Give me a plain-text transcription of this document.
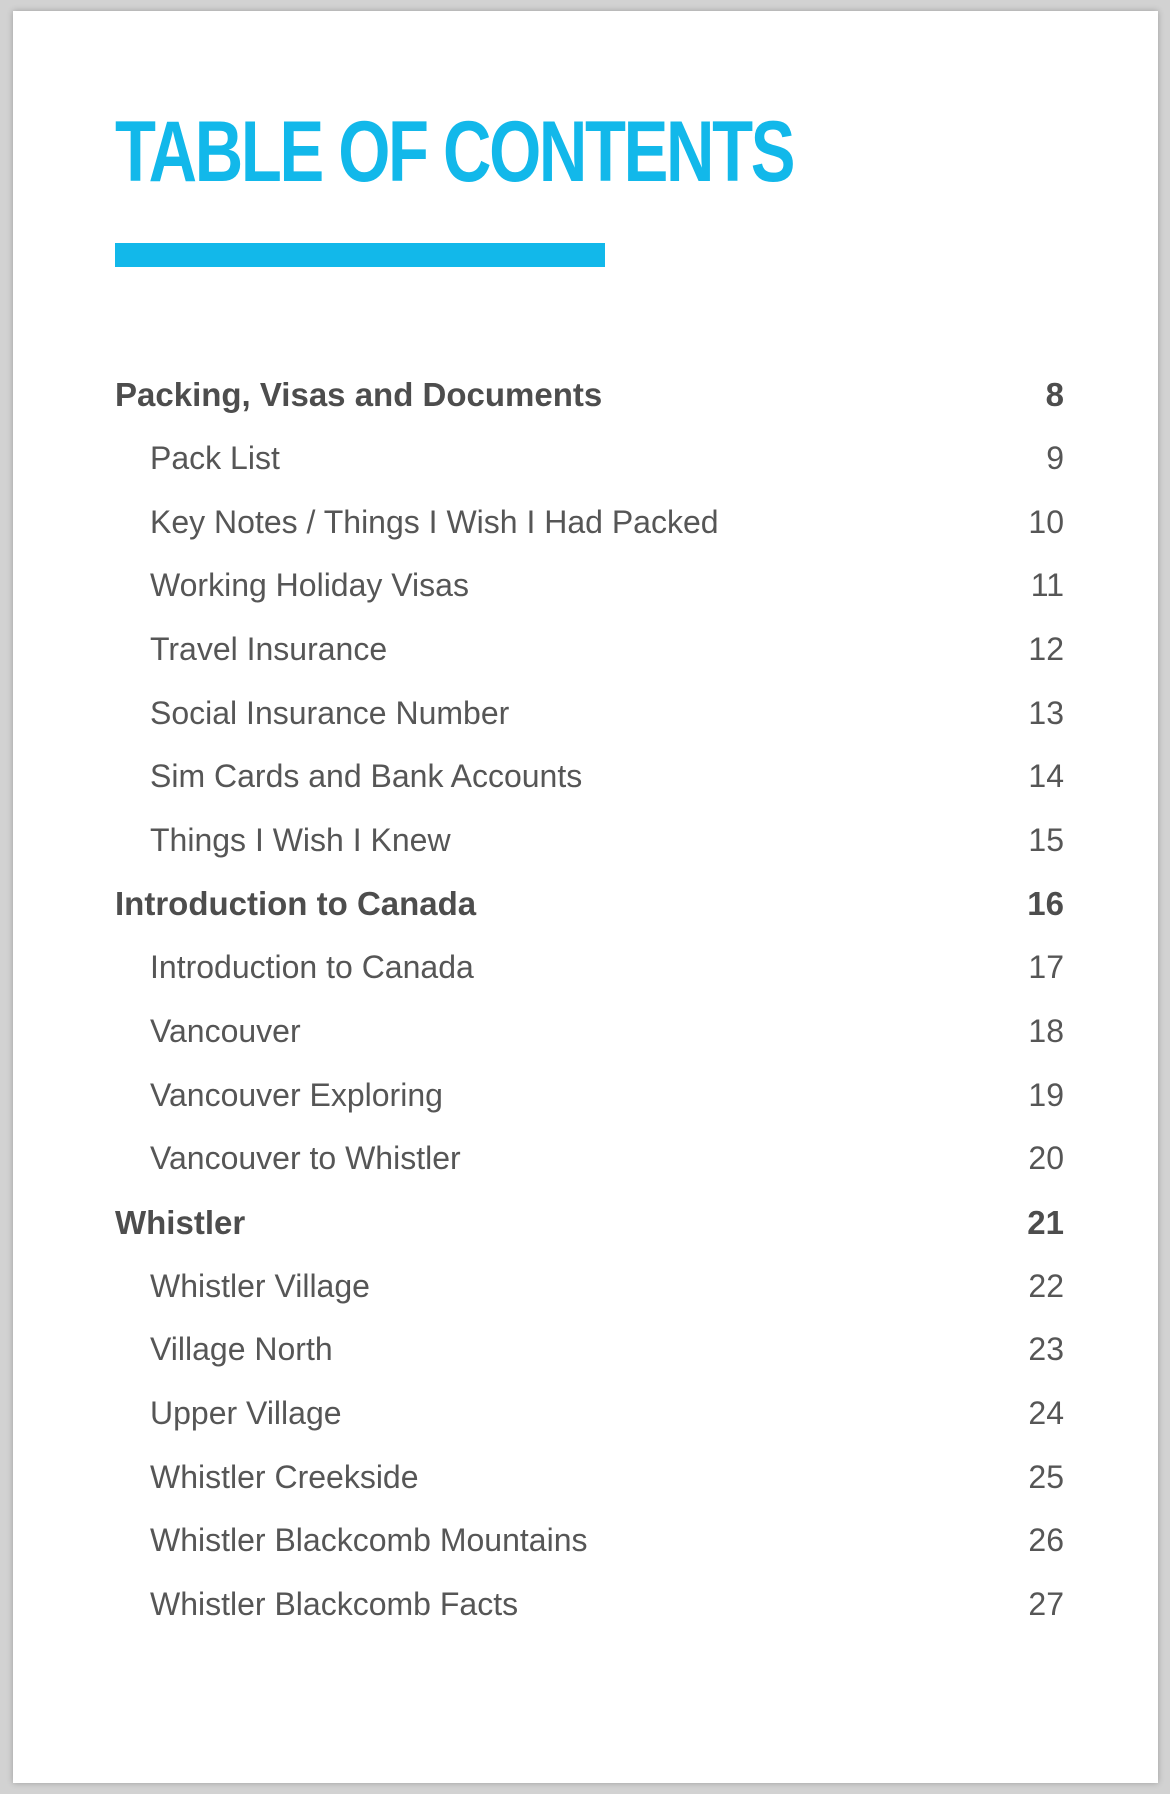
TABLE OF CONTENTS
Packing, Visas and Documents	8
Pack List	9
Key Notes / Things I Wish I Had Packed	10
Working Holiday Visas	11
Travel Insurance	12
Social Insurance Number	13
Sim Cards and Bank Accounts	14
Things I Wish I Knew	15
Introduction to Canada	16
Introduction to Canada	17
Vancouver	18
Vancouver Exploring	19
Vancouver to Whistler	20
Whistler	21
Whistler Village	22
Village North	23
Upper Village	24
Whistler Creekside	25
Whistler Blackcomb Mountains	26
Whistler Blackcomb Facts	27
